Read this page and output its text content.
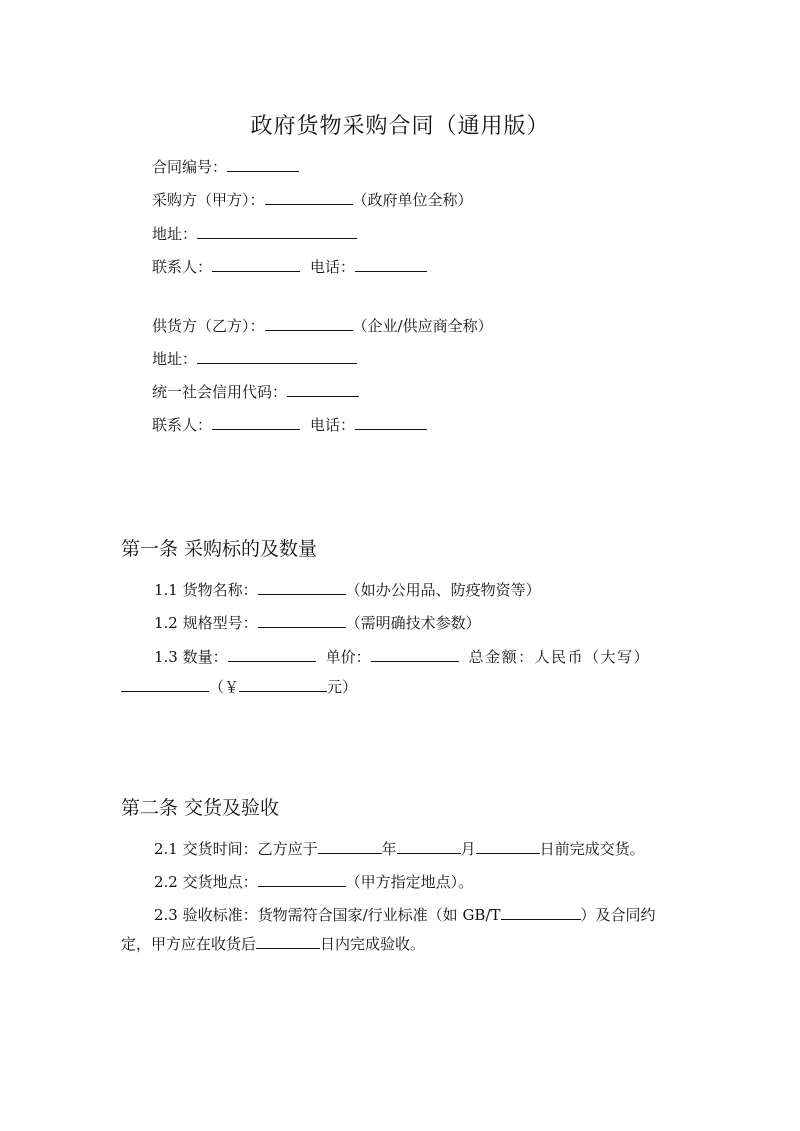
政府货物采购合同（通用版）
合同编号：
采购方（甲方）：	（政府单位全称）
地址：
联系人：	电话：
供货方（乙方）：	（企业/供应商全称）
地址：
统一社会信用代码：
联系人：	电话：
第一条 采购标的及数量
1.1 货物名称：	（如办公用品、防疫物资等）
1.2 规格型号：	（需明确技术参数）
1.3 数量：	单价：	总金额：人民币（大写）
（￥	元）
第二条 交货及验收
2.1 交货时间：乙方应于	年	月	日前完成交货。
2.2 交货地点：	（甲方指定地点）。
2.3 验收标准：货物需符合国家/行业标准（如 GB/T	）及合同约
定，甲方应在收货后	日内完成验收。
